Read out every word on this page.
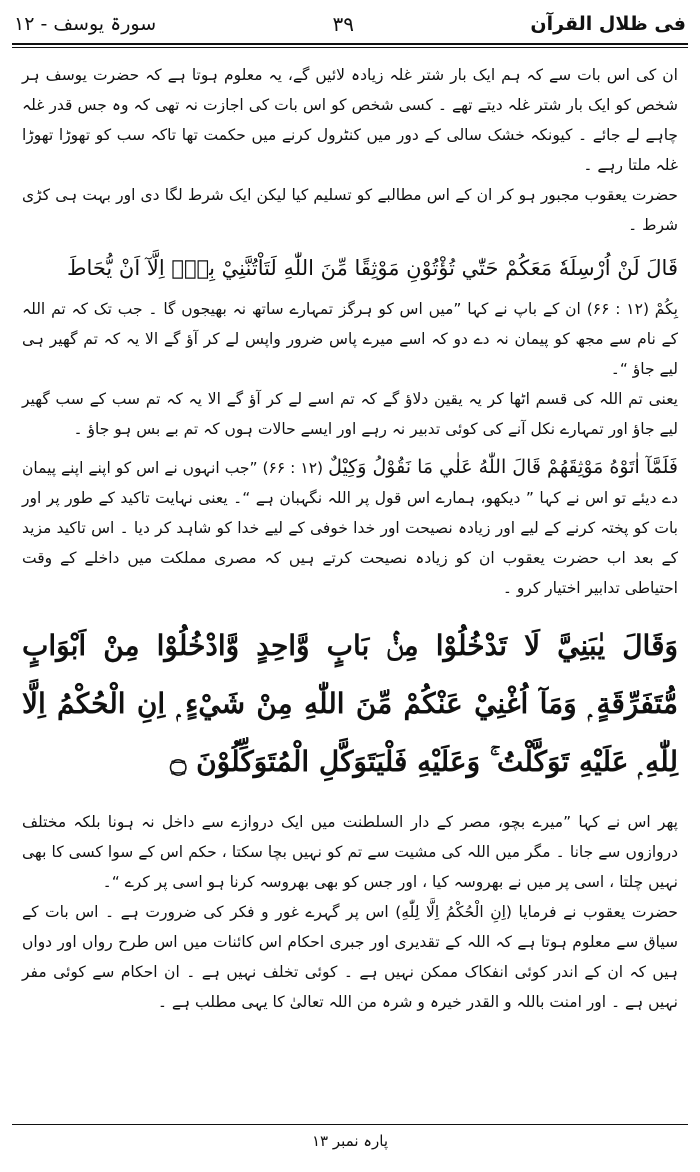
فی ظلال القرآن
۳۹
سورۃ یوسف - ۱۲

ان کی اس بات سے کہ ہم ایک بار شتر غلہ زیادہ لائیں گے، یہ معلوم ہوتا ہے کہ حضرت یوسف ہر شخص کو ایک بار شتر غلہ دیتے تھے ۔ کسی شخص کو اس بات کی اجازت نہ تھی کہ وہ جس قدر غلہ چاہے لے جائے ۔ کیونکہ خشک سالی کے دور میں کنٹرول کرنے میں حکمت تھا تاکہ سب کو تھوڑا تھوڑا غلہ ملتا رہے ۔

حضرت یعقوب مجبور ہو کر ان کے اس مطالبے کو تسلیم کیا لیکن ایک شرط لگا دی اور بہت ہی کڑی شرط ۔

قَالَ لَنْ اُرْسِلَهٗ مَعَكُمْ حَتّٰي تُؤْتُوْنِ مَوْثِقًا مِّنَ اللّٰهِ لَتَاْتُنَّنِيْ بِهٖٓ اِلَّآ اَنْ يُّحَاطَ

بِكُمْ (۱۲ : ۶۶) ان کے باپ نے کہا ”میں اس کو ہرگز تمہارے ساتھ نہ بھیجوں گا ۔ جب تک کہ تم اللہ کے نام سے مجھ کو پیمان نہ دے دو کہ اسے میرے پاس ضرور واپس لے کر آؤ گے الا یہ کہ تم گھیر ہی لیے جاؤ “۔

یعنی تم اللہ کی قسم اٹھا کر یہ یقین دلاؤ گے کہ تم اسے لے کر آؤ گے الا یہ کہ تم سب کے سب گھیر لیے جاؤ اور تمہارے نکل آنے کی کوئی تدبیر نہ رہے اور ایسے حالات ہوں کہ تم بے بس ہو جاؤ ۔

فَلَمَّآ اٰتَوْهُ مَوْثِقَهُمْ قَالَ اللّٰهُ عَلٰي مَا نَقُوْلُ وَكِيْلٌ (۱۲ : ۶۶) ”جب انہوں نے اس کو اپنے اپنے پیمان دے دیئے تو اس نے کہا ” دیکھو، ہمارے اس قول پر اللہ نگہبان ہے “۔ یعنی نہایت تاکید کے طور پر اور بات کو پختہ کرنے کے لیے اور زیادہ نصیحت اور خدا خوفی کے لیے خدا کو شاہد کر دیا ۔ اس تاکید مزید کے بعد اب حضرت یعقوب ان کو زیادہ نصیحت کرتے ہیں کہ مصری مملکت میں داخلے کے وقت احتیاطی تدابیر اختیار کرو ۔

وَقَالَ يٰبَنِيَّ لَا تَدْخُلُوْا مِنْۢ بَابٍ وَّاحِدٍ وَّادْخُلُوْا مِنْ اَبْوَابٍ مُّتَفَرِّقَةٍ ۭ وَمَآ اُغْنِيْ عَنْكُمْ مِّنَ اللّٰهِ مِنْ شَيْءٍ ۭ اِنِ الْحُكْمُ اِلَّا لِلّٰهِ ۭ عَلَيْهِ تَوَكَّلْتُ ۚ وَعَلَيْهِ فَلْيَتَوَكَّلِ الْمُتَوَكِّلُوْنَ ۝

پھر اس نے کہا ”میرے بچو، مصر کے دار السلطنت میں ایک دروازے سے داخل نہ ہونا بلکہ مختلف دروازوں سے جانا ۔ مگر میں اللہ کی مشیت سے تم کو نہیں بچا سکتا ، حکم اس کے سوا کسی کا بھی نہیں چلتا ، اسی پر میں نے بھروسہ کیا ، اور جس کو بھی بھروسہ کرنا ہو اسی پر کرے “۔

حضرت یعقوب نے فرمایا (اِنِ الْحُكْمُ اِلَّا لِلّٰهِ) اس پر گہرے غور و فکر کی ضرورت ہے ۔ اس بات کے سیاق سے معلوم ہوتا ہے کہ اللہ کے تقدیری اور جبری احکام اس کائنات میں اس طرح رواں اور دواں ہیں کہ ان کے اندر کوئی انفکاک ممکن نہیں ہے ۔ کوئی تخلف نہیں ہے ۔ ان احکام سے کوئی مفر نہیں ہے ۔ اور امنت باللہ و القدر خیرہ و شرہ من اللہ تعالیٰ کا یہی مطلب ہے ۔

پارہ نمبر ۱۳
